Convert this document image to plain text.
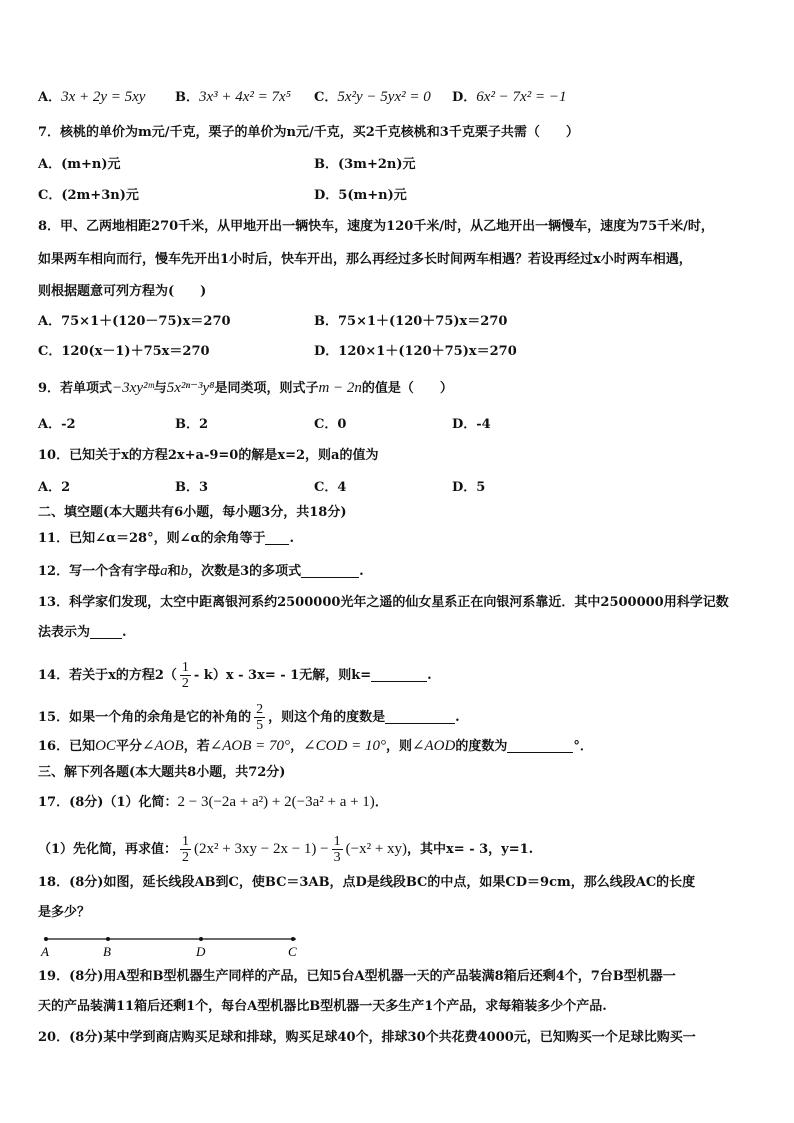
A．3x + 2y = 5xy B．3x³ + 4x² = 7x⁵ C．5x²y − 5yx² = 0 D．6x² − 7x² = −1
7．核桃的单价为m元/千克，栗子的单价为n元/千克，买2千克核桃和3千克栗子共需（　　）
A．(m+n)元	B．(3m+2n)元
C．(2m+3n)元	D．5(m+n)元
8．甲、乙两地相距270千米，从甲地开出一辆快车，速度为120千米/时，从乙地开出一辆慢车，速度为75千米/时，
如果两车相向而行，慢车先开出1小时后，快车开出，那么再经过多长时间两车相遇？若设再经过x小时两车相遇，
则根据题意可列方程为(　　)
A．75×1＋(120－75)x＝270	B．75×1＋(120＋75)x＝270
C．120(x－1)＋75x＝270	D．120×1＋(120＋75)x＝270
9．若单项式−3xy²ᵐ与5x²ⁿ⁻³y⁸是同类项，则式子m − 2n的值是（　　）
A．-2	B．2	C．0	D．-4
10．已知关于x的方程2x+a-9=0的解是x=2，则a的值为
A．2	B．3	C．4	D．5
二、填空题(本大题共有6小题，每小题3分，共18分)
11．已知∠α＝28°，则∠α的余角等于 .
12．写一个含有字母a和b，次数是3的多项式	.
13．科学家们发现，太空中距离银河系约2500000光年之遥的仙女星系正在向银河系靠近．其中2500000用科学记数
法表示为 .
14．若关于x的方程$2( \frac{1}{2} - k)x - 3x= - 1$无解，则k=	.
15．如果一个角的余角是它的补角的 $\frac{2}{5}$ ，则这个角的度数是	.
16．已知OC平分∠AOB，若∠AOB = 70°，∠COD = 10°，则∠AOD的度数为	°．
三、解下列各题(本大题共8小题，共72分)
17．(8分)（1）化简：2 − 3(−2a + a²) + 2(−3a² + a + 1)．
（1）先化简，再求值： $\frac{1}{2} (2x^2 + 3xy - 2x - 1) - \frac{1}{3} (-x^2 + xy)$，其中x= - 3，y=1.
18．(8分)如图，延长线段AB到C，使BC＝3AB，点D是线段BC的中点，如果CD＝9cm，那么线段AC的长度
是多少？
A	B	D	C
19．(8分)用A型和B型机器生产同样的产品，已知5台A型机器一天的产品装满8箱后还剩4个，7台B型机器一
天的产品装满11箱后还剩1个，每台A型机器比B型机器一天多生产1个产品，求每箱装多少个产品.
20．(8分)某中学到商店购买足球和排球，购买足球40个，排球30个共花费4000元，已知购买一个足球比购买一
